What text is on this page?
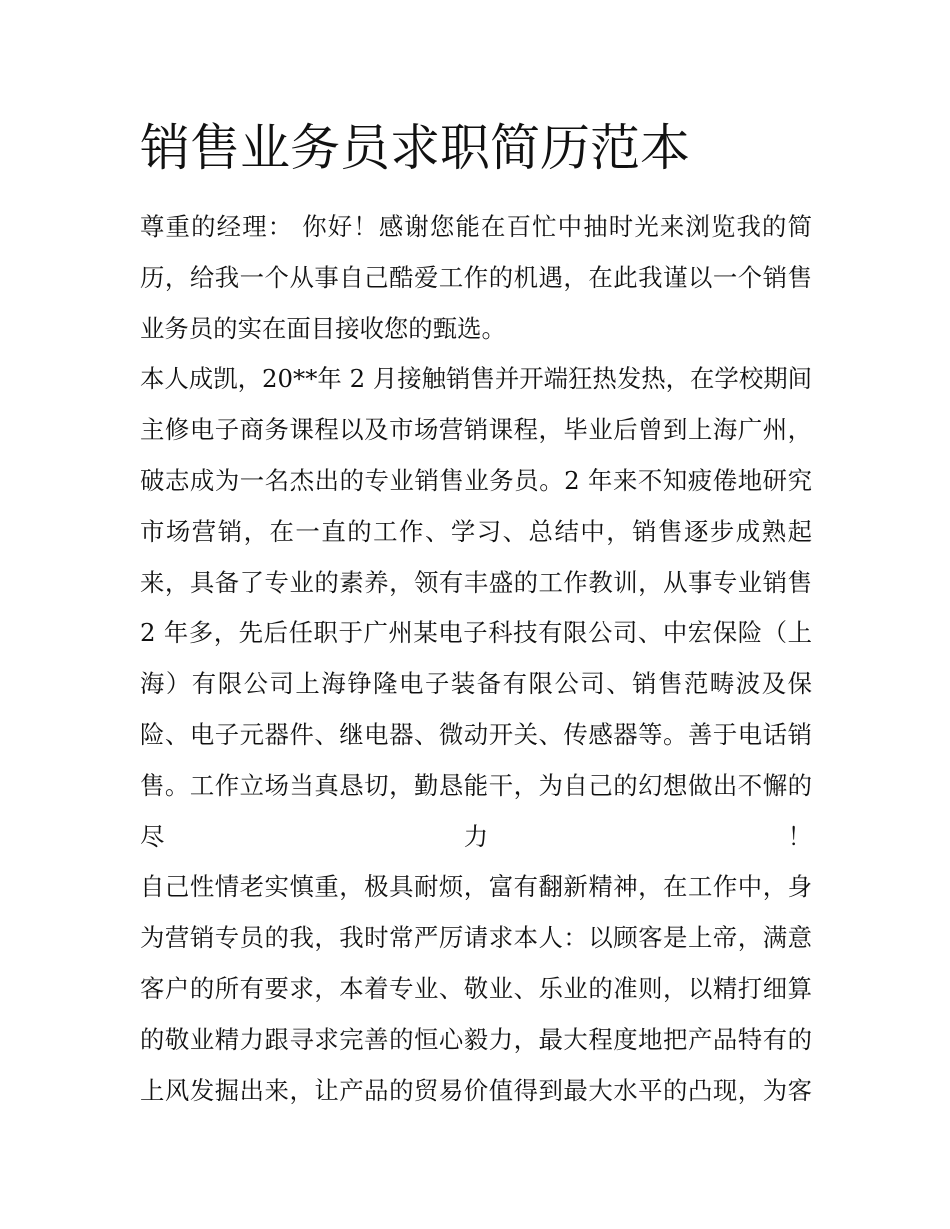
销售业务员求职简历范本

尊重的经理： 你好！感谢您能在百忙中抽时光来浏览我的简
历，给我一个从事自己酷爱工作的机遇，在此我谨以一个销售
业务员的实在面目接收您的甄选。

本人成凯，20**年 2 月接触销售并开端狂热发热，在学校期间
主修电子商务课程以及市场营销课程，毕业后曾到上海广州，
破志成为一名杰出的专业销售业务员。2 年来不知疲倦地研究
市场营销，在一直的工作、学习、总结中，销售逐步成熟起
来，具备了专业的素养，领有丰盛的工作教训，从事专业销售
2 年多，先后任职于广州某电子科技有限公司、中宏保险（上
海）有限公司上海铮隆电子装备有限公司、销售范畴波及保
险、电子元器件、继电器、微动开关、传感器等。善于电话销
售。工作立场当真恳切，勤恳能干，为自己的幻想做出不懈的
尽力！

自己性情老实慎重，极具耐烦，富有翻新精神，在工作中，身
为营销专员的我，我时常严厉请求本人：以顾客是上帝，满意
客户的所有要求，本着专业、敬业、乐业的准则，以精打细算
的敬业精力跟寻求完善的恒心毅力，最大程度地把产品特有的
上风发掘出来，让产品的贸易价值得到最大水平的凸现，为客
